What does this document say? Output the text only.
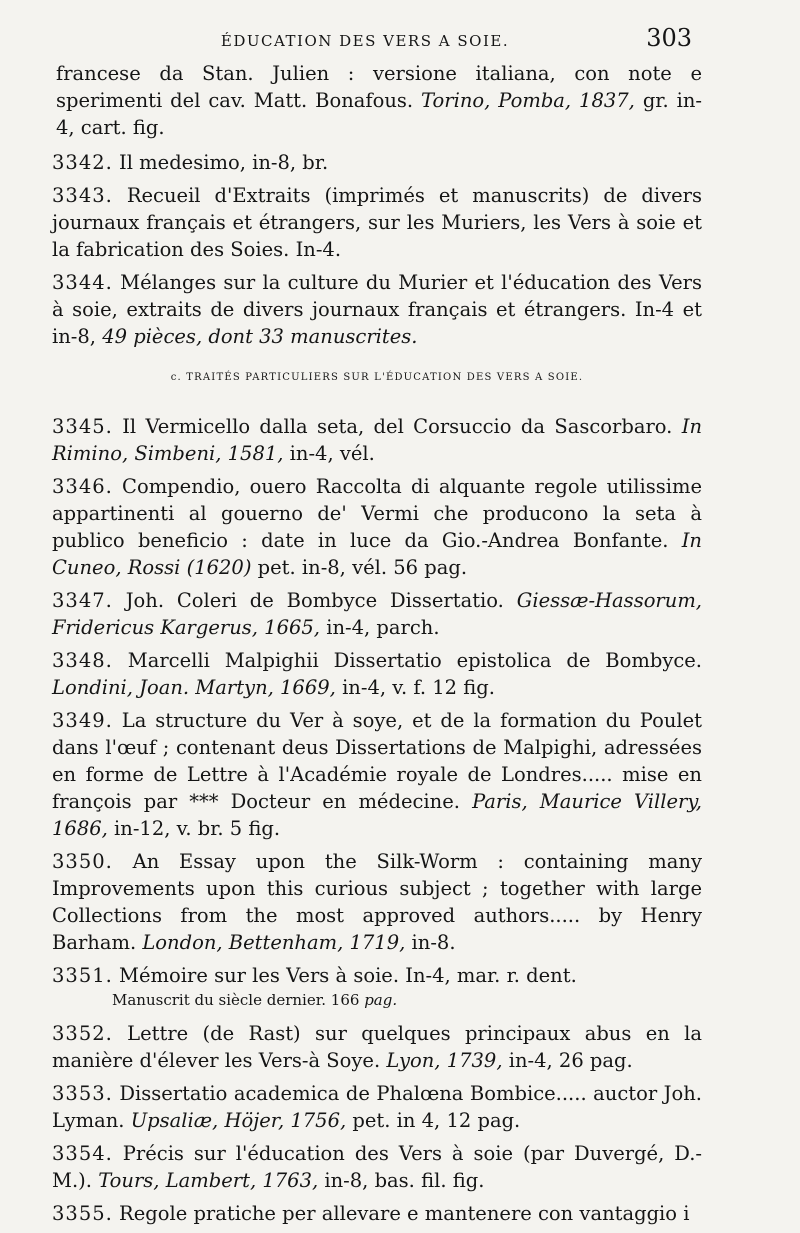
ÉDUCATION DES VERS A SOIE.	303

francese da Stan. Julien : versione italiana, con note e sperimenti del cav. Matt. Bonafous. Torino, Pomba, 1837, gr. in-4, cart. fig.

3342. Il medesimo, in-8, br.

3343. Recueil d'Extraits (imprimés et manuscrits) de divers journaux français et étrangers, sur les Muriers, les Vers à soie et la fabrication des Soies. In-4.

3344. Mélanges sur la culture du Murier et l'éducation des Vers à soie, extraits de divers journaux français et étrangers. In-4 et in-8, 49 pièces, dont 33 manuscrites.

c. TRAITÉS PARTICULIERS SUR L'ÉDUCATION DES VERS A SOIE.

3345. Il Vermicello dalla seta, del Corsuccio da Sascorbaro. In Rimino, Simbeni, 1581, in-4, vél.

3346. Compendio, ouero Raccolta di alquante regole utilissime appartinenti al gouerno de' Vermi che producono la seta à publico beneficio : date in luce da Gio.-Andrea Bonfante. In Cuneo, Rossi (1620) pet. in-8, vél. 56 pag.

3347. Joh. Coleri de Bombyce Dissertatio. Giessæ-Hassorum, Fridericus Kargerus, 1665, in-4, parch.

3348. Marcelli Malpighii Dissertatio epistolica de Bombyce. Londini, Joan. Martyn, 1669, in-4, v. f. 12 fig.

3349. La structure du Ver à soye, et de la formation du Poulet dans l'œuf ; contenant deus Dissertations de Malpighi, adressées en forme de Lettre à l'Académie royale de Londres..... mise en françois par *** Docteur en médecine. Paris, Maurice Villery, 1686, in-12, v. br. 5 fig.

3350. An Essay upon the Silk-Worm : containing many Improvements upon this curious subject ; together with large Collections from the most approved authors..... by Henry Barham. London, Bettenham, 1719, in-8.

3351. Mémoire sur les Vers à soie. In-4, mar. r. dent.
Manuscrit du siècle dernier. 166 pag.

3352. Lettre (de Rast) sur quelques principaux abus en la manière d'élever les Vers-à Soye. Lyon, 1739, in-4, 26 pag.

3353. Dissertatio academica de Phalœna Bombice..... auctor Joh. Lyman. Upsaliæ, Höjer, 1756, pet. in 4, 12 pag.

3354. Précis sur l'éducation des Vers à soie (par Duvergé, D.-M.). Tours, Lambert, 1763, in-8, bas. fil. fig.

3355. Regole pratiche per allevare e mantenere con vantaggio i
